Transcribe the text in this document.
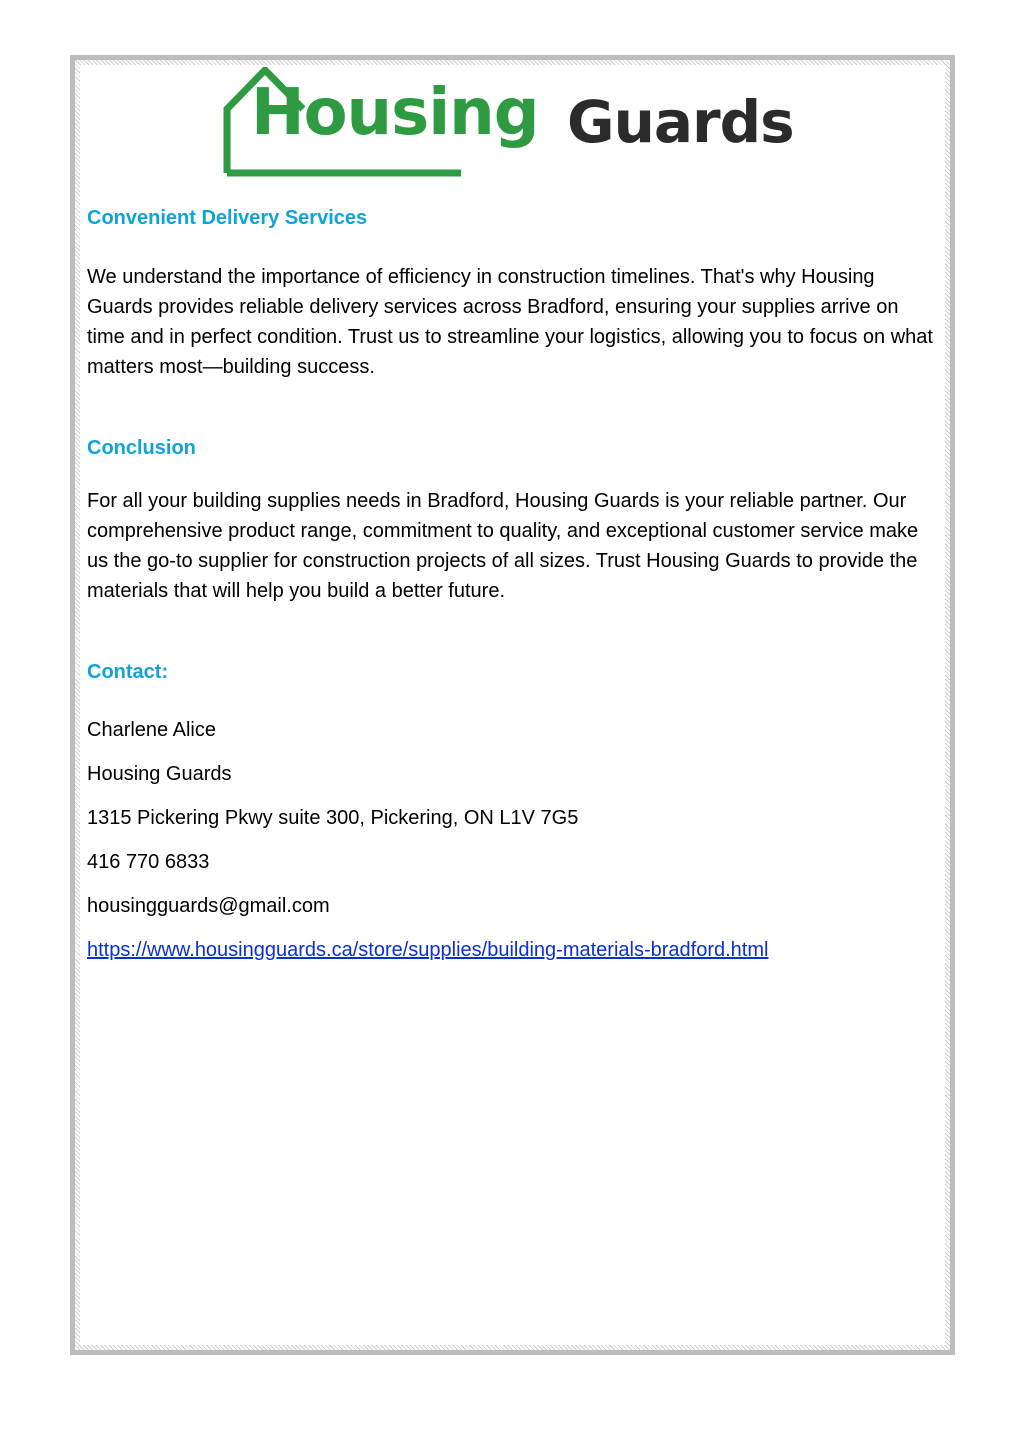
Housing Guards
Convenient Delivery Services

We understand the importance of efficiency in construction timelines. That's why Housing Guards provides reliable delivery services across Bradford, ensuring your supplies arrive on time and in perfect condition. Trust us to streamline your logistics, allowing you to focus on what matters most—building success.

Conclusion

For all your building supplies needs in Bradford, Housing Guards is your reliable partner. Our comprehensive product range, commitment to quality, and exceptional customer service make us the go-to supplier for construction projects of all sizes. Trust Housing Guards to provide the materials that will help you build a better future.

Contact:

Charlene Alice

Housing Guards

1315 Pickering Pkwy suite 300, Pickering, ON L1V 7G5

416 770 6833

housingguards@gmail.com

https://www.housingguards.ca/store/supplies/building-materials-bradford.html
